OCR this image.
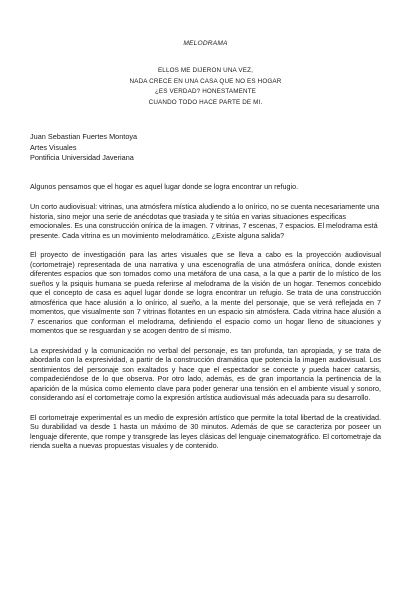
MELODRAMA
ELLOS ME DIJERON UNA VEZ,
NADA CRECE EN UNA CASA QUE NO ES HOGAR
¿ES VERDAD? HONESTAMENTE
CUANDO TODO HACE PARTE DE MI.
Juan Sebastian Fuertes Montoya
Artes Visuales
Pontificia Universidad Javeriana

Algunos pensamos que el hogar es aquel lugar donde se logra encontrar un refugio.

Un corto audiovisual: vitrinas, una atmósfera mística aludiendo a lo onírico, no se cuenta necesariamente una historia, sino mejor una serie de anécdotas que trasiada y te sitúa en varias situaciones especificas emocionales. Es una construcción onírica de la imagen. 7 vitrinas, 7 escenas, 7 espacios. El melodrama está presente. Cada vitrina es un movimiento melodramático. ¿Existe alguna salida?

El proyecto de investigación para las artes visuales que se lleva a cabo es la proyección audiovisual (cortometraje) representada de una narrativa y una escenografía de una atmósfera onírica, donde existen diferentes espacios que son tomados como una metáfora de una casa, a la que a partir de lo místico de los sueños y la psiquis humana se pueda referirse al melodrama de la visión de un hogar. Tenemos concebido que el concepto de casa es aquel lugar donde se logra encontrar un refugio. Se trata de una construcción atmosférica que hace alusión a lo onírico, al sueño, a la mente del personaje, que se verá reflejada en 7 momentos, que visualmente son 7 vitrinas flotantes en un espacio sin atmósfera. Cada vitrina hace alusión a 7 escenarios que conforman el melodrama, definiendo el espacio como un hogar lleno de situaciones y momentos que se resguardan y se acogen dentro de sí mismo.

La expresividad y la comunicación no verbal del personaje, es tan profunda, tan apropiada, y se trata de abordarla con la expresividad, a partir de la construcción dramática que potencia la imagen audiovisual. Los sentimientos del personaje son exaltados y hace que el espectador se conecte y pueda hacer catarsis, compadeciéndose de lo que observa. Por otro lado, además, es de gran importancia la pertinencia de la aparición de la música como elemento clave para poder generar una tensión en el ambiente visual y sonoro, considerando así el cortometraje como la expresión artística audiovisual más adecuada para su desarrollo.

El cortometraje experimental es un medio de expresión artístico que permite la total libertad de la creatividad. Su durabilidad va desde 1 hasta un máximo de 30 minutos. Además de que se caracteriza por poseer un lenguaje diferente, que rompe y transgrede las leyes clásicas del lenguaje cinematográfico. El cortometraje da rienda suelta a nuevas propuestas visuales y de contenido.
